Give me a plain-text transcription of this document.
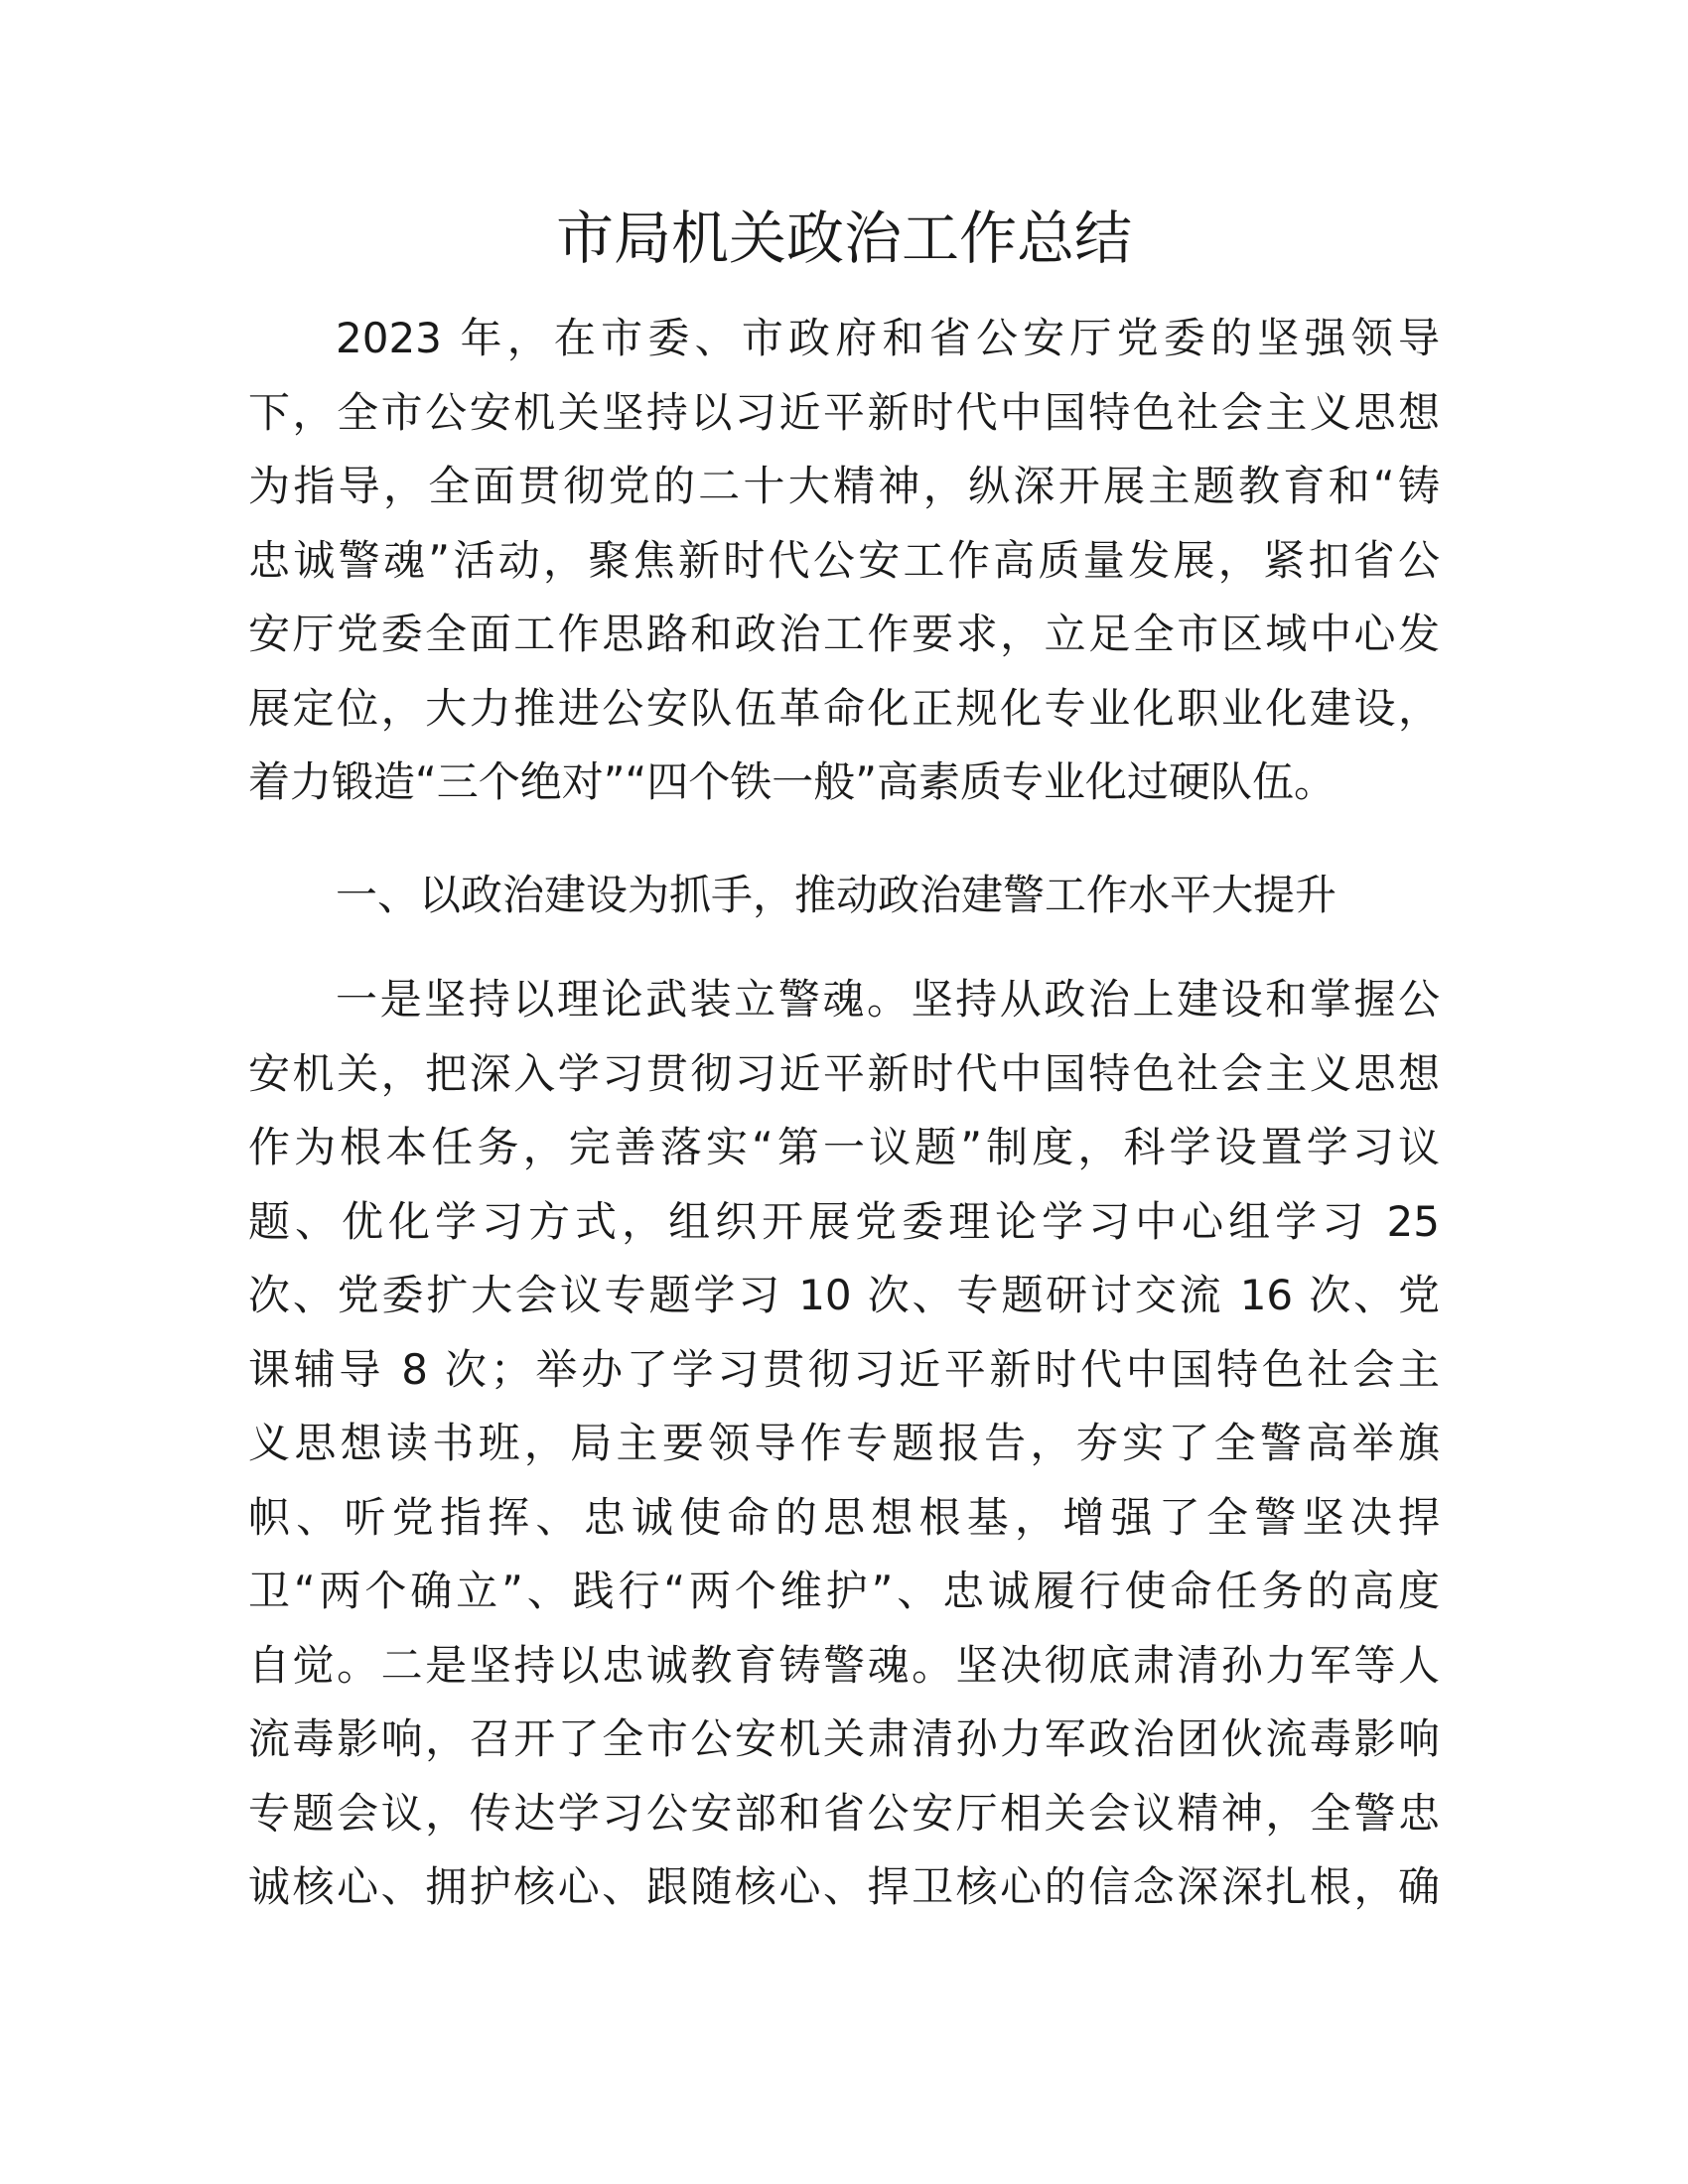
市局机关政治工作总结
2023 年，在市委、市政府和省公安厅党委的坚强领导
下，全市公安机关坚持以习近平新时代中国特色社会主义思想
为指导，全面贯彻党的二十大精神，纵深开展主题教育和“铸
忠诚警魂”活动，聚焦新时代公安工作高质量发展，紧扣省公
安厅党委全面工作思路和政治工作要求，立足全市区域中心发
展定位，大力推进公安队伍革命化正规化专业化职业化建设，
着力锻造“三个绝对”“四个铁一般”高素质专业化过硬队伍。
一、以政治建设为抓手，推动政治建警工作水平大提升
一是坚持以理论武装立警魂。坚持从政治上建设和掌握公
安机关，把深入学习贯彻习近平新时代中国特色社会主义思想
作为根本任务，完善落实“第一议题”制度，科学设置学习议
题、优化学习方式，组织开展党委理论学习中心组学习 25
次、党委扩大会议专题学习 10 次、专题研讨交流 16 次、党
课辅导 8 次；举办了学习贯彻习近平新时代中国特色社会主
义思想读书班，局主要领导作专题报告，夯实了全警高举旗
帜、听党指挥、忠诚使命的思想根基，增强了全警坚决捍
卫“两个确立”、践行“两个维护”、忠诚履行使命任务的高度
自觉。二是坚持以忠诚教育铸警魂。坚决彻底肃清孙力军等人
流毒影响，召开了全市公安机关肃清孙力军政治团伙流毒影响
专题会议，传达学习公安部和省公安厅相关会议精神，全警忠
诚核心、拥护核心、跟随核心、捍卫核心的信念深深扎根，确
